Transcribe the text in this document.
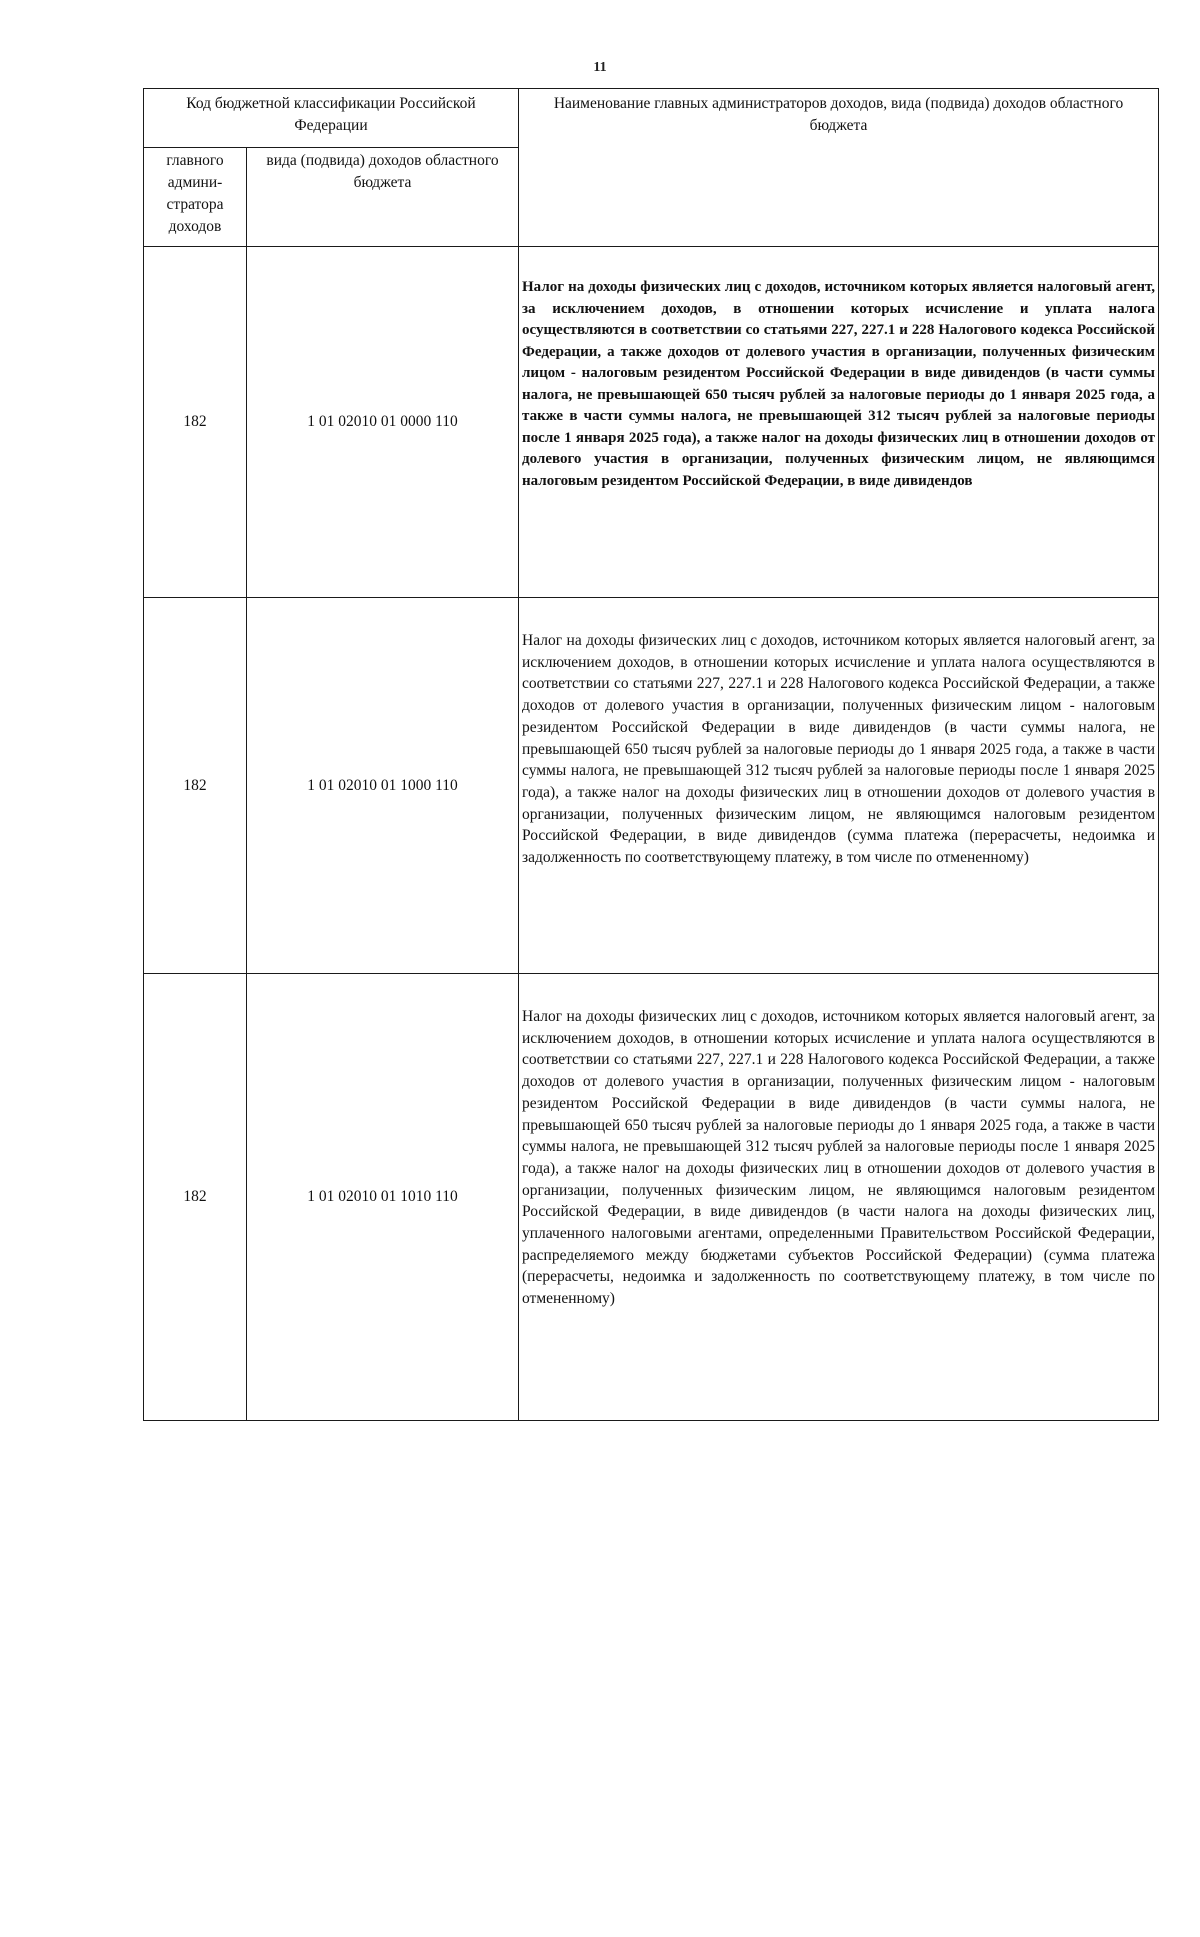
11
Код бюджетной классификации Российской Федерации		Наименование главных администраторов доходов, вида (подвида) доходов областного бюджета
главного админи-стратора доходов	вида (подвида) доходов областного бюджета	
182	1 01 02010 01 0000 110	Налог на доходы физических лиц с доходов, источником которых является налоговый агент, за исключением доходов, в отношении которых исчисление и уплата налога осуществляются в соответствии со статьями 227, 227.1 и 228 Налогового кодекса Российской Федерации, а также доходов от долевого участия в организации, полученных физическим лицом - налоговым резидентом Российской Федерации в виде дивидендов (в части суммы налога, не превышающей 650 тысяч рублей за налоговые периоды до 1 января 2025 года, а также в части суммы налога, не превышающей 312 тысяч рублей за налоговые периоды после 1 января 2025 года), а также налог на доходы физических лиц в отношении доходов от долевого участия в организации, полученных физическим лицом, не являющимся налоговым резидентом Российской Федерации, в виде дивидендов
182	1 01 02010 01 1000 110	Налог на доходы физических лиц с доходов, источником которых является налоговый агент, за исключением доходов, в отношении которых исчисление и уплата налога осуществляются в соответствии со статьями 227, 227.1 и 228 Налогового кодекса Российской Федерации, а также доходов от долевого участия в организации, полученных физическим лицом - налоговым резидентом Российской Федерации в виде дивидендов (в части суммы налога, не превышающей 650 тысяч рублей за налоговые периоды до 1 января 2025 года, а также в части суммы налога, не превышающей 312 тысяч рублей за налоговые периоды после 1 января 2025 года), а также налог на доходы физических лиц в отношении доходов от долевого участия в организации, полученных физическим лицом, не являющимся налоговым резидентом Российской Федерации, в виде дивидендов (сумма платежа (перерасчеты, недоимка и задолженность по соответствующему платежу, в том числе по отмененному)
182	1 01 02010 01 1010 110	Налог на доходы физических лиц с доходов, источником которых является налоговый агент, за исключением доходов, в отношении которых исчисление и уплата налога осуществляются в соответствии со статьями 227, 227.1 и 228 Налогового кодекса Российской Федерации, а также доходов от долевого участия в организации, полученных физическим лицом - налоговым резидентом Российской Федерации в виде дивидендов (в части суммы налога, не превышающей 650 тысяч рублей за налоговые периоды до 1 января 2025 года, а также в части суммы налога, не превышающей 312 тысяч рублей за налоговые периоды после 1 января 2025 года), а также налог на доходы физических лиц в отношении доходов от долевого участия в организации, полученных физическим лицом, не являющимся налоговым резидентом Российской Федерации, в виде дивидендов (в части налога на доходы физических лиц, уплаченного налоговыми агентами, определенными Правительством Российской Федерации, распределяемого между бюджетами субъектов Российской Федерации) (сумма платежа (перерасчеты, недоимка и задолженность по соответствующему платежу, в том числе по отмененному)
